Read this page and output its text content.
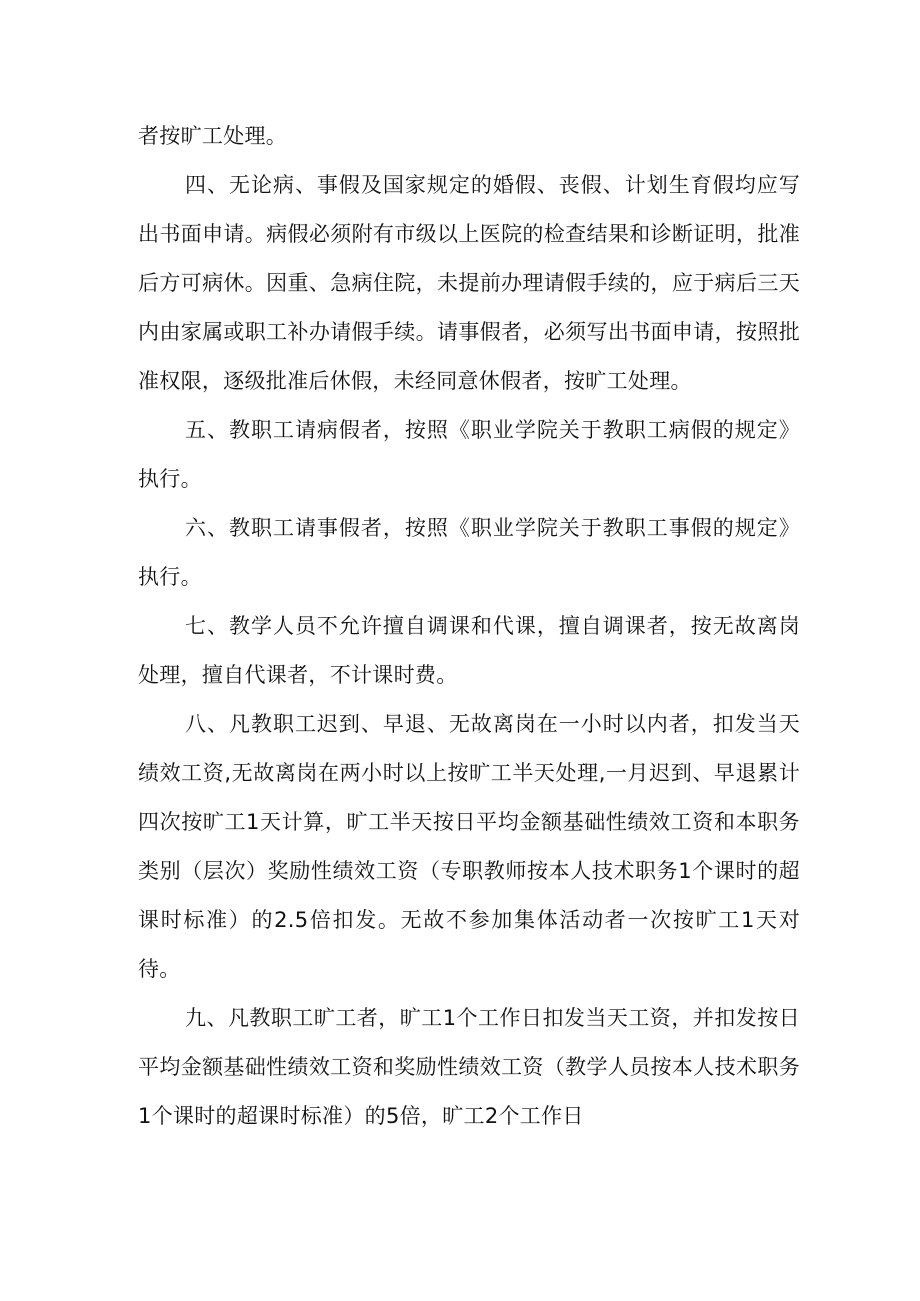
者按旷工处理。

四、无论病、事假及国家规定的婚假、丧假、计划生育假均应写出书面申请。病假必须附有市级以上医院的检查结果和诊断证明，批准后方可病休。因重、急病住院，未提前办理请假手续的，应于病后三天内由家属或职工补办请假手续。请事假者，必须写出书面申请，按照批准权限，逐级批准后休假，未经同意休假者，按旷工处理。

五、教职工请病假者，按照《职业学院关于教职工病假的规定》执行。

六、教职工请事假者，按照《职业学院关于教职工事假的规定》执行。

七、教学人员不允许擅自调课和代课，擅自调课者，按无故离岗处理，擅自代课者，不计课时费。

八、凡教职工迟到、早退、无故离岗在一小时以内者，扣发当天绩效工资,无故离岗在两小时以上按旷工半天处理,一月迟到、早退累计四次按旷工1天计算，旷工半天按日平均金额基础性绩效工资和本职务类别（层次）奖励性绩效工资（专职教师按本人技术职务1个课时的超课时标准）的2.5倍扣发。无故不参加集体活动者一次按旷工1天对待。

九、凡教职工旷工者，旷工1个工作日扣发当天工资，并扣发按日平均金额基础性绩效工资和奖励性绩效工资（教学人员按本人技术职务1个课时的超课时标准）的5倍，旷工2个工作日
